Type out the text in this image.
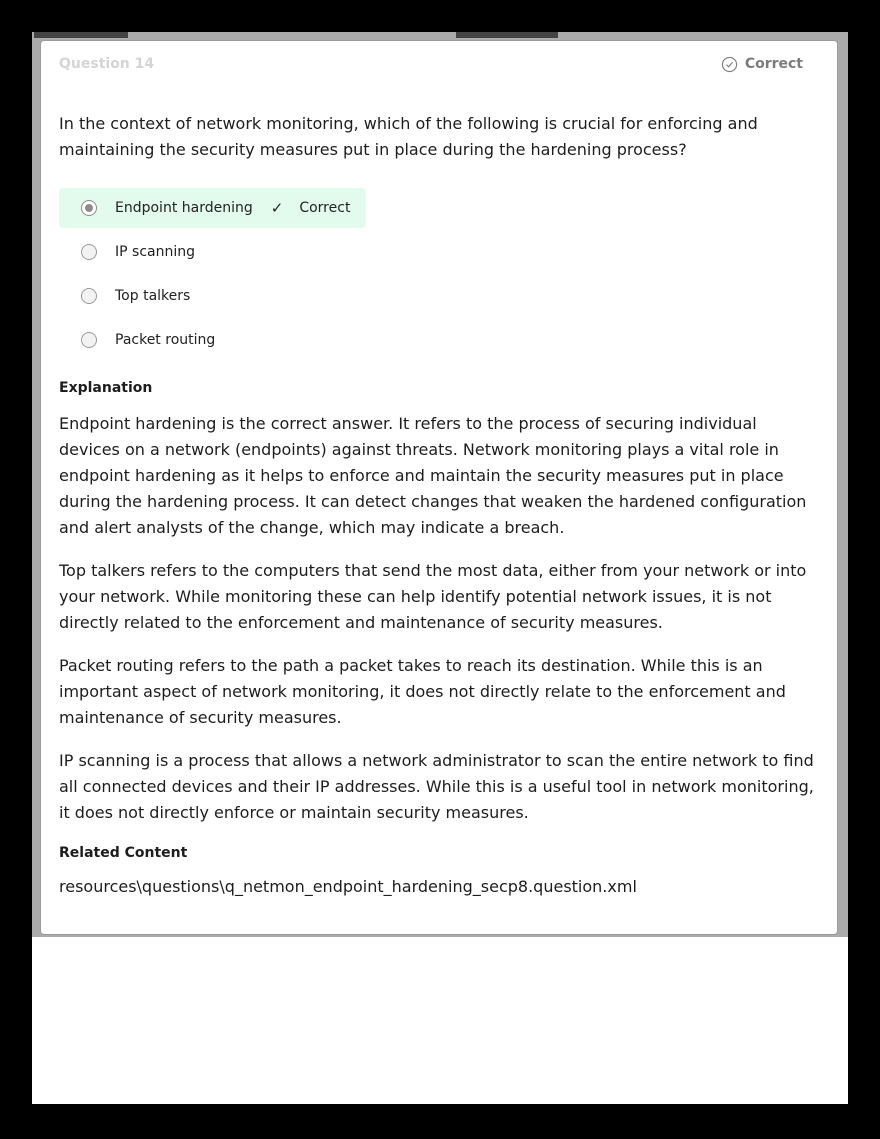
Question 14	Correct
In the context of network monitoring, which of the following is crucial for enforcing and maintaining the security measures put in place during the hardening process?
Endpoint hardening ✓ Correct
IP scanning
Top talkers
Packet routing
Explanation

Endpoint hardening is the correct answer. It refers to the process of securing individual devices on a network (endpoints) against threats. Network monitoring plays a vital role in endpoint hardening as it helps to enforce and maintain the security measures put in place during the hardening process. It can detect changes that weaken the hardened configuration and alert analysts of the change, which may indicate a breach.

Top talkers refers to the computers that send the most data, either from your network or into your network. While monitoring these can help identify potential network issues, it is not directly related to the enforcement and maintenance of security measures.

Packet routing refers to the path a packet takes to reach its destination. While this is an important aspect of network monitoring, it does not directly relate to the enforcement and maintenance of security measures.

IP scanning is a process that allows a network administrator to scan the entire network to find all connected devices and their IP addresses. While this is a useful tool in network monitoring, it does not directly enforce or maintain security measures.

Related Content
resources\questions\q_netmon_endpoint_hardening_secp8.question.xml
